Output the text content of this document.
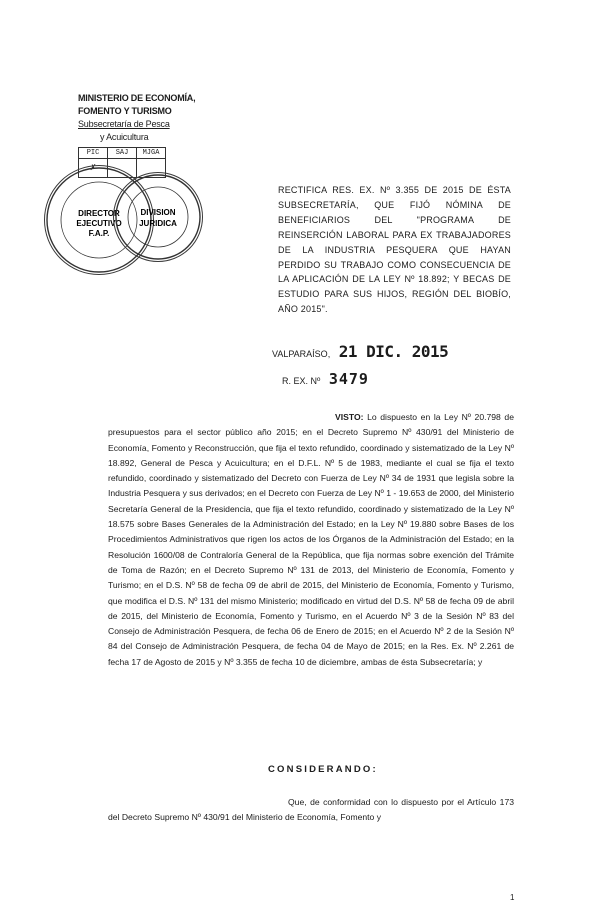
MINISTERIO DE ECONOMÍA,
FOMENTO Y TURISMO
Subsecretaría de Pesca
y Acuicultura
PIC	SAJ	MJGA
✗		
DIRECTOR
EJECUTIVO
F.A.P.
DIVISION
JURIDICA
RECTIFICA RES. EX. Nº 3.355 DE 2015 DE ÉSTA SUBSECRETARÍA, QUE FIJÓ NÓMINA DE BENEFICIARIOS DEL "PROGRAMA DE REINSERCIÓN LABORAL PARA EX TRABAJADORES DE LA INDUSTRIA PESQUERA QUE HAYAN PERDIDO SU TRABAJO COMO CONSECUENCIA DE LA APLICACIÓN DE LA LEY Nº 18.892; Y BECAS DE ESTUDIO PARA SUS HIJOS, REGIÓN DEL BIOBÍO, AÑO 2015".
VALPARAÍSO, 21 DIC. 2015
R. EX. Nº 3479
VISTO: Lo dispuesto en la Ley Nº 20.798 de presupuestos para el sector público año 2015; en el Decreto Supremo Nº 430/91 del Ministerio de Economía, Fomento y Reconstrucción, que fija el texto refundido, coordinado y sistematizado de la Ley Nº 18.892, General de Pesca y Acuicultura; en el D.F.L. Nº 5 de 1983, mediante el cual se fija el texto refundido, coordinado y sistematizado del Decreto con Fuerza de Ley Nº 34 de 1931 que legisla sobre la Industria Pesquera y sus derivados; en el Decreto con Fuerza de Ley Nº 1 - 19.653 de 2000, del Ministerio Secretaría General de la Presidencia, que fija el texto refundido, coordinado y sistematizado de la Ley Nº 18.575 sobre Bases Generales de la Administración del Estado; en la Ley Nº 19.880 sobre Bases de los Procedimientos Administrativos que rigen los actos de los Órganos de la Administración del Estado; en la Resolución 1600/08 de Contraloría General de la República, que fija normas sobre exención del Trámite de Toma de Razón; en el Decreto Supremo Nº 131 de 2013, del Ministerio de Economía, Fomento y Turismo; en el D.S. Nº 58 de fecha 09 de abril de 2015, del Ministerio de Economía, Fomento y Turismo, que modifica el D.S. Nº 131 del mismo Ministerio; modificado en virtud del D.S. Nº 58 de fecha 09 de abril de 2015, del Ministerio de Economía, Fomento y Turismo, en el Acuerdo Nº 3 de la Sesión Nº 83 del Consejo de Administración Pesquera, de fecha 06 de Enero de 2015; en el Acuerdo Nº 2 de la Sesión Nº 84 del Consejo de Administración Pesquera, de fecha 04 de Mayo de 2015; en la Res. Ex. Nº 2.261 de fecha 17 de Agosto de 2015 y Nº 3.355 de fecha 10 de diciembre, ambas de ésta Subsecretaría; y
CONSIDERANDO:
Que, de conformidad con lo dispuesto por el Artículo 173 del Decreto Supremo Nº 430/91 del Ministerio de Economía, Fomento y
1
